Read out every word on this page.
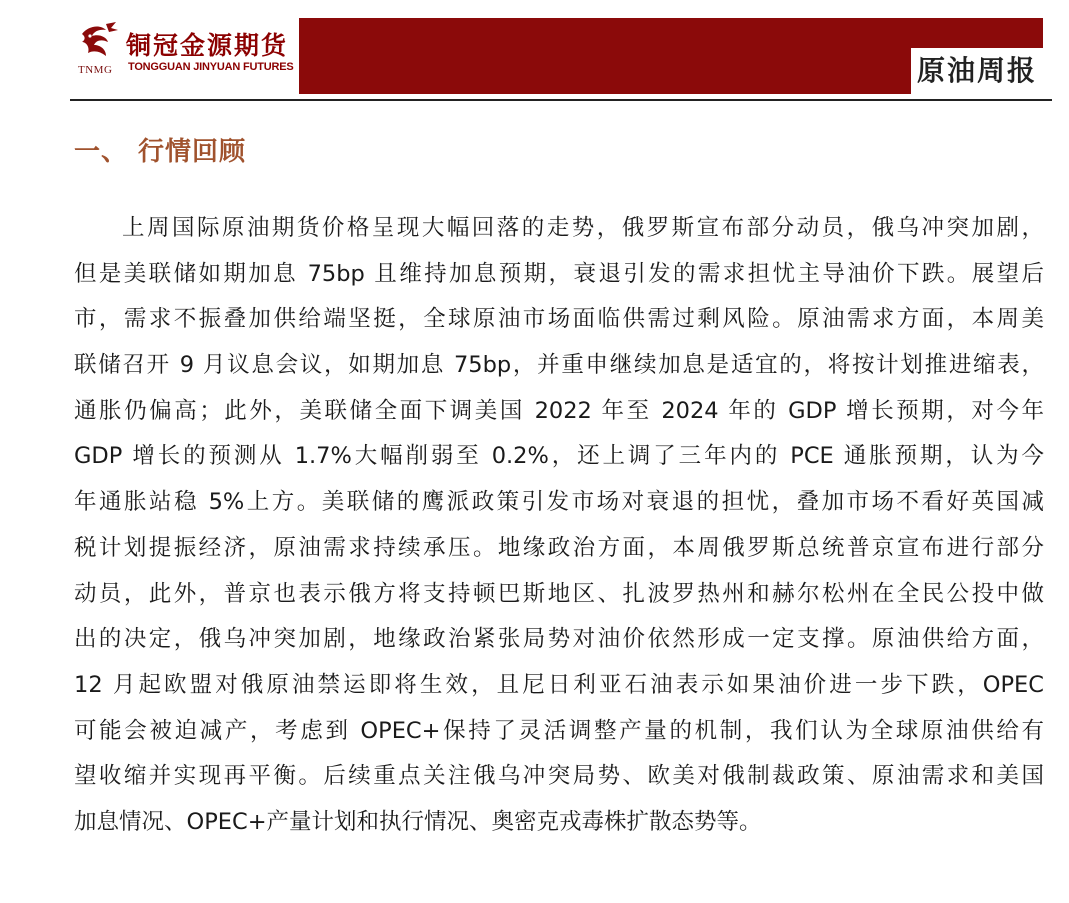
TNMG
铜冠金源期货
TONGGUAN JINYUAN FUTURES	原油周报
一、 行情回顾
上周国际原油期货价格呈现大幅回落的走势，俄罗斯宣布部分动员，俄乌冲突加剧，
但是美联储如期加息 75bp 且维持加息预期，衰退引发的需求担忧主导油价下跌。展望后
市，需求不振叠加供给端坚挺，全球原油市场面临供需过剩风险。原油需求方面，本周美
联储召开 9 月议息会议，如期加息 75bp，并重申继续加息是适宜的，将按计划推进缩表，
通胀仍偏高；此外，美联储全面下调美国 2022 年至 2024 年的 GDP 增长预期，对今年
GDP 增长的预测从 1.7%大幅削弱至 0.2%，还上调了三年内的 PCE 通胀预期，认为今
年通胀站稳 5%上方。美联储的鹰派政策引发市场对衰退的担忧，叠加市场不看好英国减
税计划提振经济，原油需求持续承压。地缘政治方面，本周俄罗斯总统普京宣布进行部分
动员，此外，普京也表示俄方将支持顿巴斯地区、扎波罗热州和赫尔松州在全民公投中做
出的决定，俄乌冲突加剧，地缘政治紧张局势对油价依然形成一定支撑。原油供给方面，
12 月起欧盟对俄原油禁运即将生效，且尼日利亚石油表示如果油价进一步下跌，OPEC
可能会被迫减产，考虑到 OPEC+保持了灵活调整产量的机制，我们认为全球原油供给有
望收缩并实现再平衡。后续重点关注俄乌冲突局势、欧美对俄制裁政策、原油需求和美国
加息情况、OPEC+产量计划和执行情况、奥密克戎毒株扩散态势等。
